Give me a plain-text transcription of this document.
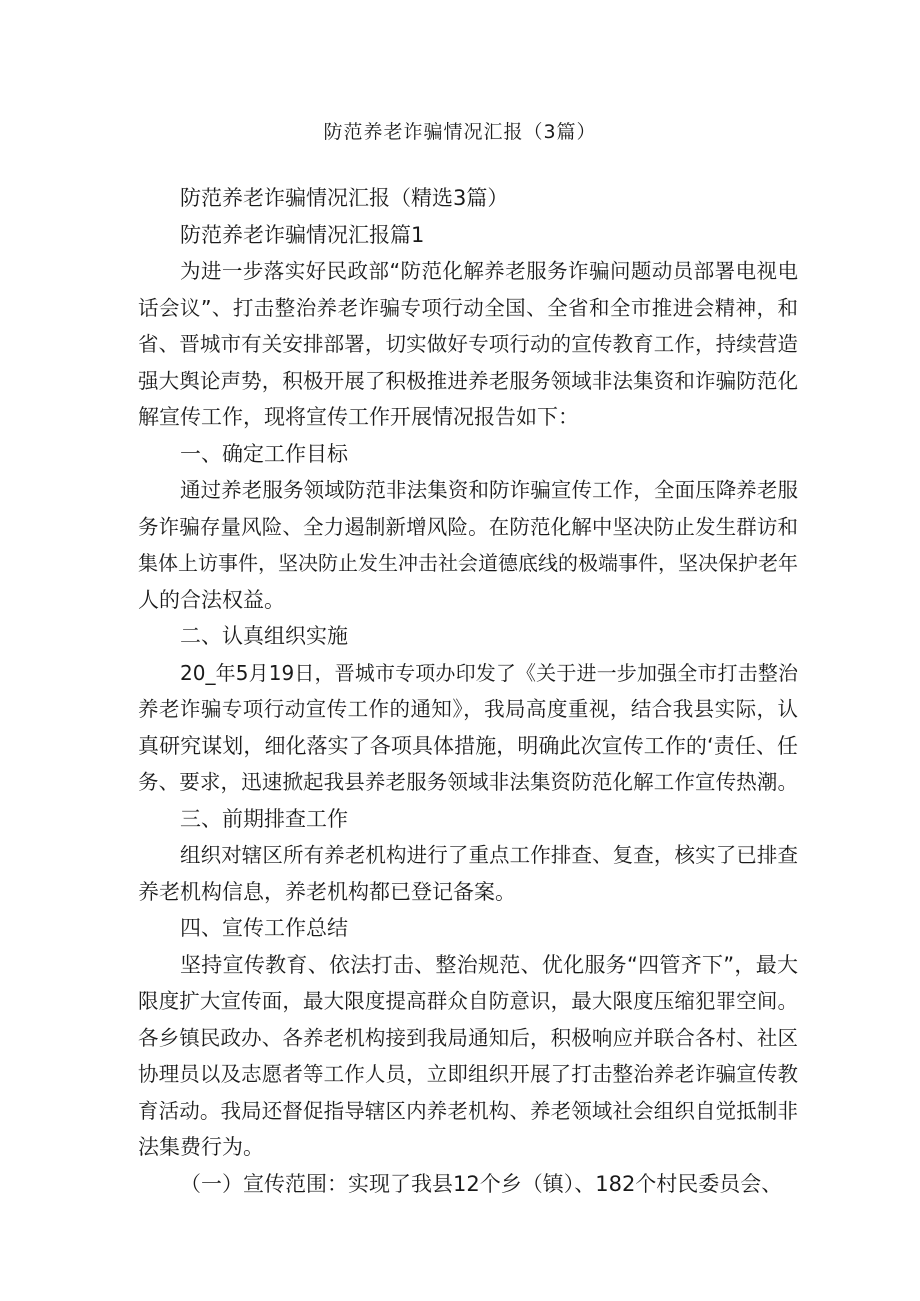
防范养老诈骗情况汇报（3篇）
防范养老诈骗情况汇报（精选3篇）
防范养老诈骗情况汇报篇1
为进一步落实好民政部“防范化解养老服务诈骗问题动员部署电视电
话会议”、打击整治养老诈骗专项行动全国、全省和全市推进会精神，和
省、晋城市有关安排部署，切实做好专项行动的宣传教育工作，持续营造
强大舆论声势，积极开展了积极推进养老服务领域非法集资和诈骗防范化
解宣传工作，现将宣传工作开展情况报告如下：
一、确定工作目标
通过养老服务领域防范非法集资和防诈骗宣传工作，全面压降养老服
务诈骗存量风险、全力遏制新增风险。在防范化解中坚决防止发生群访和
集体上访事件，坚决防止发生冲击社会道德底线的极端事件，坚决保护老年
人的合法权益。
二、认真组织实施
20_年5月19日，晋城市专项办印发了《关于进一步加强全市打击整治
养老诈骗专项行动宣传工作的通知》，我局高度重视，结合我县实际，认
真研究谋划，细化落实了各项具体措施，明确此次宣传工作的‘责任、任
务、要求，迅速掀起我县养老服务领域非法集资防范化解工作宣传热潮。
三、前期排查工作
组织对辖区所有养老机构进行了重点工作排查、复查，核实了已排查
养老机构信息，养老机构都已登记备案。
四、宣传工作总结
坚持宣传教育、依法打击、整治规范、优化服务“四管齐下”，最大
限度扩大宣传面，最大限度提高群众自防意识，最大限度压缩犯罪空间。
各乡镇民政办、各养老机构接到我局通知后，积极响应并联合各村、社区
协理员以及志愿者等工作人员，立即组织开展了打击整治养老诈骗宣传教
育活动。我局还督促指导辖区内养老机构、养老领域社会组织自觉抵制非
法集费行为。
（一）宣传范围：实现了我县12个乡（镇）、182个村民委员会、
